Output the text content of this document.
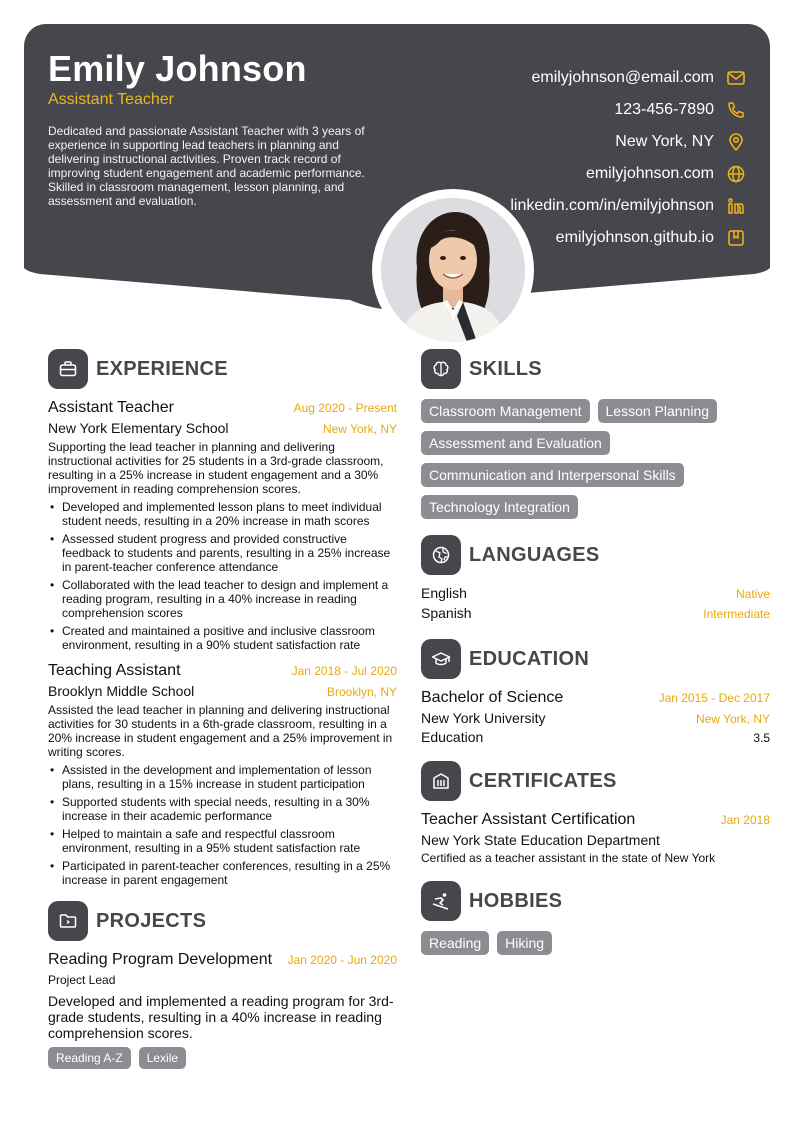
Emily Johnson
Assistant Teacher
Dedicated and passionate Assistant Teacher with 3 years of experience in supporting lead teachers in planning and delivering instructional activities. Proven track record of improving student engagement and academic performance. Skilled in classroom management, lesson planning, and assessment and evaluation.
emilyjohnson@email.com
123-456-7890
New York, NY
emilyjohnson.com
linkedin.com/in/emilyjohnson
emilyjohnson.github.io
EXPERIENCE
Assistant Teacher	Aug 2020 - Present
New York Elementary School	New York, NY
Supporting the lead teacher in planning and delivering instructional activities for 25 students in a 3rd-grade classroom, resulting in a 25% increase in student engagement and a 30% improvement in reading comprehension scores.
• Developed and implemented lesson plans to meet individual student needs, resulting in a 20% increase in math scores
• Assessed student progress and provided constructive feedback to students and parents, resulting in a 25% increase in parent-teacher conference attendance
• Collaborated with the lead teacher to design and implement a reading program, resulting in a 40% increase in reading comprehension scores
• Created and maintained a positive and inclusive classroom environment, resulting in a 90% student satisfaction rate
Teaching Assistant	Jan 2018 - Jul 2020
Brooklyn Middle School	Brooklyn, NY
Assisted the lead teacher in planning and delivering instructional activities for 30 students in a 6th-grade classroom, resulting in a 20% increase in student engagement and a 25% improvement in writing scores.
• Assisted in the development and implementation of lesson plans, resulting in a 15% increase in student participation
• Supported students with special needs, resulting in a 30% increase in their academic performance
• Helped to maintain a safe and respectful classroom environment, resulting in a 95% student satisfaction rate
• Participated in parent-teacher conferences, resulting in a 25% increase in parent engagement
PROJECTS
Reading Program Development Jan 2020 - Jun 2020
Project Lead
Developed and implemented a reading program for 3rd-grade students, resulting in a 40% increase in reading comprehension scores.
Reading A-Z	Lexile
SKILLS
Classroom Management	Lesson Planning
Assessment and Evaluation
Communication and Interpersonal Skills
Technology Integration
LANGUAGES
English	Native
Spanish	Intermediate
EDUCATION
Bachelor of Science	Jan 2015 - Dec 2017
New York University	New York, NY
Education	3.5
CERTIFICATES
Teacher Assistant Certification	Jan 2018
New York State Education Department
Certified as a teacher assistant in the state of New York
HOBBIES
Reading	Hiking
